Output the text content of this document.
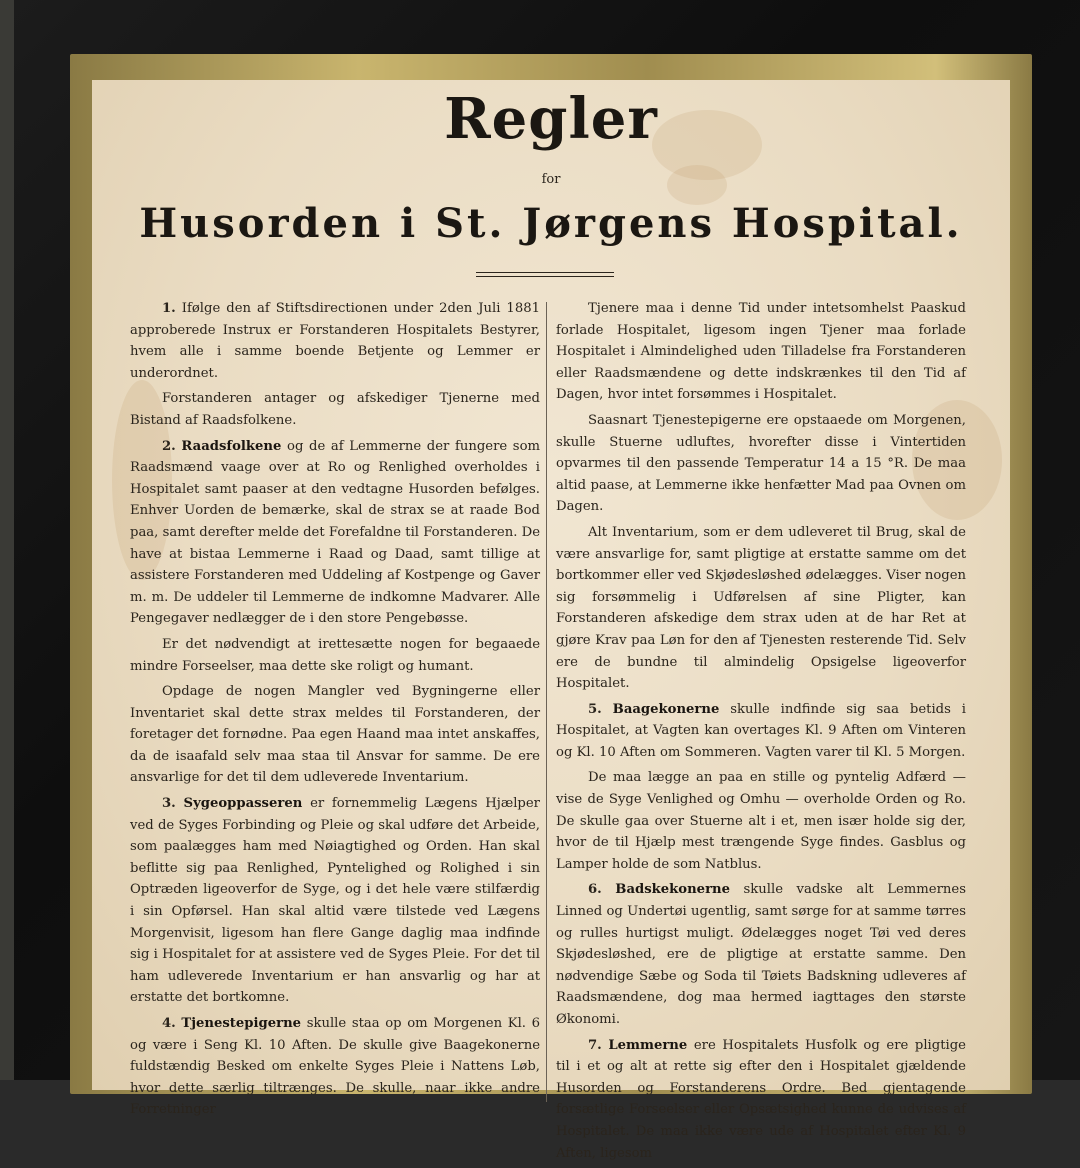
Regler
for
Husorden i St. Jørgens Hospital.

1. Ifølge den af Stiftsdirectionen under 2den Juli 1881 approberede Instrux er Forstanderen Hospitalets Bestyrer, hvem alle i samme boende Betjente og Lemmer er underordnet.

Forstanderen antager og afskediger Tjenerne med Bistand af Raadsfolkene.

2. Raadsfolkene og de af Lemmerne der fungere som Raadsmænd vaage over at Ro og Renlighed overholdes i Hospitalet samt paaser at den vedtagne Husorden befølges. Enhver Uorden de bemærke, skal de strax se at raade Bod paa, samt derefter melde det Forefaldne til Forstanderen. De have at bistaa Lemmerne i Raad og Daad, samt tillige at assistere Forstanderen med Uddeling af Kostpenge og Gaver m. m. De uddeler til Lemmerne de indkomne Madvarer. Alle Pengegaver nedlægger de i den store Pengebøsse.

Er det nødvendigt at irettesætte nogen for begaaede mindre Forseelser, maa dette ske roligt og humant.

Opdage de nogen Mangler ved Bygningerne eller Inventariet skal dette strax meldes til Forstanderen, der foretager det fornødne. Paa egen Haand maa intet anskaffes, da de isaafald selv maa staa til Ansvar for samme. De ere ansvarlige for det til dem udleverede Inventarium.

3. Sygeoppasseren er fornemmelig Lægens Hjælper ved de Syges Forbinding og Pleie og skal udføre det Arbeide, som paalægges ham med Nøiagtighed og Orden. Han skal beflitte sig paa Renlighed, Pyntelighed og Rolighed i sin Optræden ligeoverfor de Syge, og i det hele være stilfærdig i sin Opførsel. Han skal altid være tilstede ved Lægens Morgenvisit, ligesom han flere Gange daglig maa indfinde sig i Hospitalet for at assistere ved de Syges Pleie. For det til ham udleverede Inventarium er han ansvarlig og har at erstatte det bortkomne.

4. Tjenestepigerne skulle staa op om Morgenen Kl. 6 og være i Seng Kl. 10 Aften. De skulle give Baagekonerne fuldstændig Besked om enkelte Syges Pleie i Nattens Løb, hvor dette særlig tiltrænges. De skulle, naar ikke andre Forretninger

Tjenere maa i denne Tid under intetsomhelst Paaskud forlade Hospitalet, ligesom ingen Tjener maa forlade Hospitalet i Almindelighed uden Tilladelse fra Forstanderen eller Raadsmændene og dette indskrænkes til den Tid af Dagen, hvor intet forsømmes i Hospitalet.

Saasnart Tjenestepigerne ere opstaaede om Morgenen, skulle Stuerne udluftes, hvorefter disse i Vintertiden opvarmes til den passende Temperatur 14 a 15 °R. De maa altid paase, at Lemmerne ikke henfætter Mad paa Ovnen om Dagen.

Alt Inventarium, som er dem udleveret til Brug, skal de være ansvarlige for, samt pligtige at erstatte samme om det bortkommer eller ved Skjødesløshed ødelægges. Viser nogen sig forsømmelig i Udførelsen af sine Pligter, kan Forstanderen afskedige dem strax uden at de har Ret at gjøre Krav paa Løn for den af Tjenesten resterende Tid. Selv ere de bundne til almindelig Opsigelse ligeoverfor Hospitalet.

5. Baagekonerne skulle indfinde sig saa betids i Hospitalet, at Vagten kan overtages Kl. 9 Aften om Vinteren og Kl. 10 Aften om Sommeren. Vagten varer til Kl. 5 Morgen.

De maa lægge an paa en stille og pyntelig Adfærd — vise de Syge Venlighed og Omhu — overholde Orden og Ro. De skulle gaa over Stuerne alt i et, men især holde sig der, hvor de til Hjælp mest trængende Syge findes. Gasblus og Lamper holde de som Natblus.

6. Badskekonerne skulle vadske alt Lemmernes Linned og Undertøi ugentlig, samt sørge for at samme tørres og rulles hurtigst muligt. Ødelægges noget Tøi ved deres Skjødesløshed, ere de pligtige at erstatte samme. Den nødvendige Sæbe og Soda til Tøiets Badskning udleveres af Raadsmændene, dog maa hermed iagttages den største Økonomi.

7. Lemmerne ere Hospitalets Husfolk og ere pligtige til i et og alt at rette sig efter den i Hospitalet gjældende Husorden og Forstanderens Ordre. Bed gjentagende forsætlige Forseelser eller Opsætsighed kunne de udvises af Hospitalet. De maa ikke være ude af Hospitalet efter Kl. 9 Aften, ligesom
